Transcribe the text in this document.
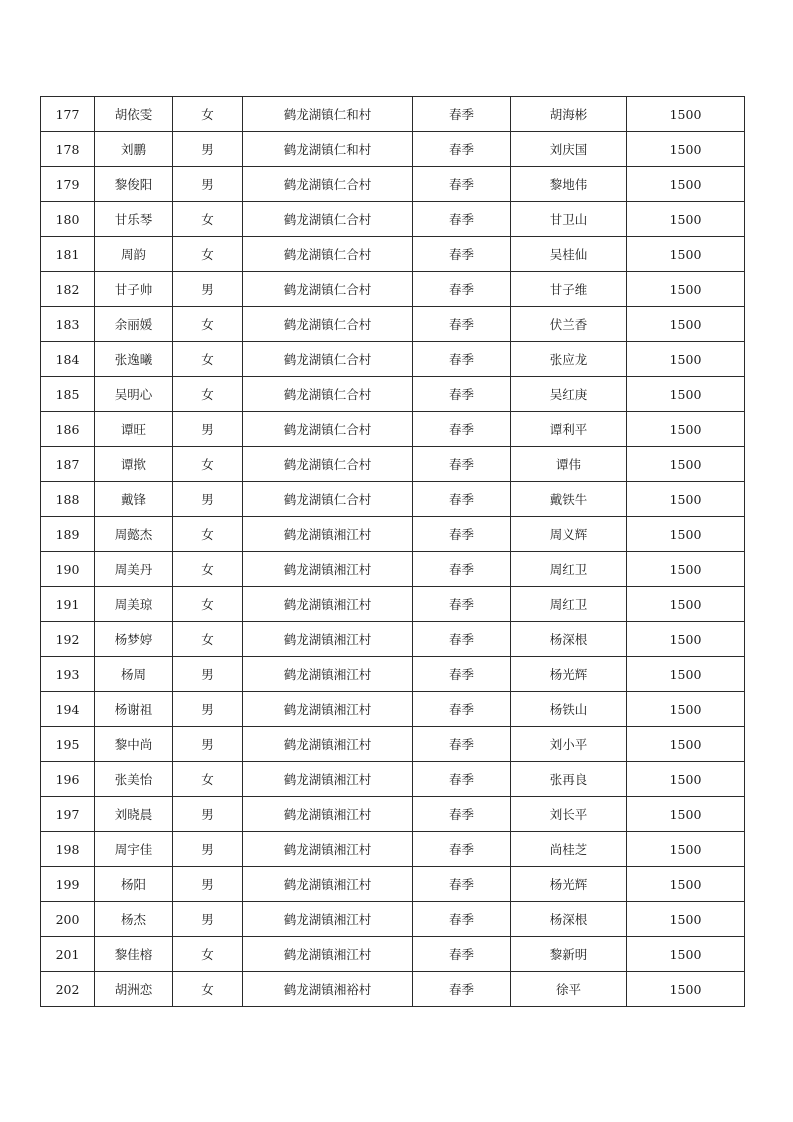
177	胡依雯	女	鹤龙湖镇仁和村	春季	胡海彬	1500
178	刘鹏	男	鹤龙湖镇仁和村	春季	刘庆国	1500
179	黎俊阳	男	鹤龙湖镇仁合村	春季	黎地伟	1500
180	甘乐琴	女	鹤龙湖镇仁合村	春季	甘卫山	1500
181	周韵	女	鹤龙湖镇仁合村	春季	吴桂仙	1500
182	甘子帅	男	鹤龙湖镇仁合村	春季	甘子维	1500
183	余丽媛	女	鹤龙湖镇仁合村	春季	伏兰香	1500
184	张逸曦	女	鹤龙湖镇仁合村	春季	张应龙	1500
185	吴明心	女	鹤龙湖镇仁合村	春季	吴红庚	1500
186	谭旺	男	鹤龙湖镇仁合村	春季	谭利平	1500
187	谭揿	女	鹤龙湖镇仁合村	春季	谭伟	1500
188	戴锋	男	鹤龙湖镇仁合村	春季	戴铁牛	1500
189	周懿杰	女	鹤龙湖镇湘江村	春季	周义辉	1500
190	周美丹	女	鹤龙湖镇湘江村	春季	周红卫	1500
191	周美琼	女	鹤龙湖镇湘江村	春季	周红卫	1500
192	杨梦婷	女	鹤龙湖镇湘江村	春季	杨深根	1500
193	杨周	男	鹤龙湖镇湘江村	春季	杨光辉	1500
194	杨谢祖	男	鹤龙湖镇湘江村	春季	杨铁山	1500
195	黎中尚	男	鹤龙湖镇湘江村	春季	刘小平	1500
196	张美怡	女	鹤龙湖镇湘江村	春季	张再良	1500
197	刘晓晨	男	鹤龙湖镇湘江村	春季	刘长平	1500
198	周宇佳	男	鹤龙湖镇湘江村	春季	尚桂芝	1500
199	杨阳	男	鹤龙湖镇湘江村	春季	杨光辉	1500
200	杨杰	男	鹤龙湖镇湘江村	春季	杨深根	1500
201	黎佳榕	女	鹤龙湖镇湘江村	春季	黎新明	1500
202	胡洲恋	女	鹤龙湖镇湘裕村	春季	徐平	1500
